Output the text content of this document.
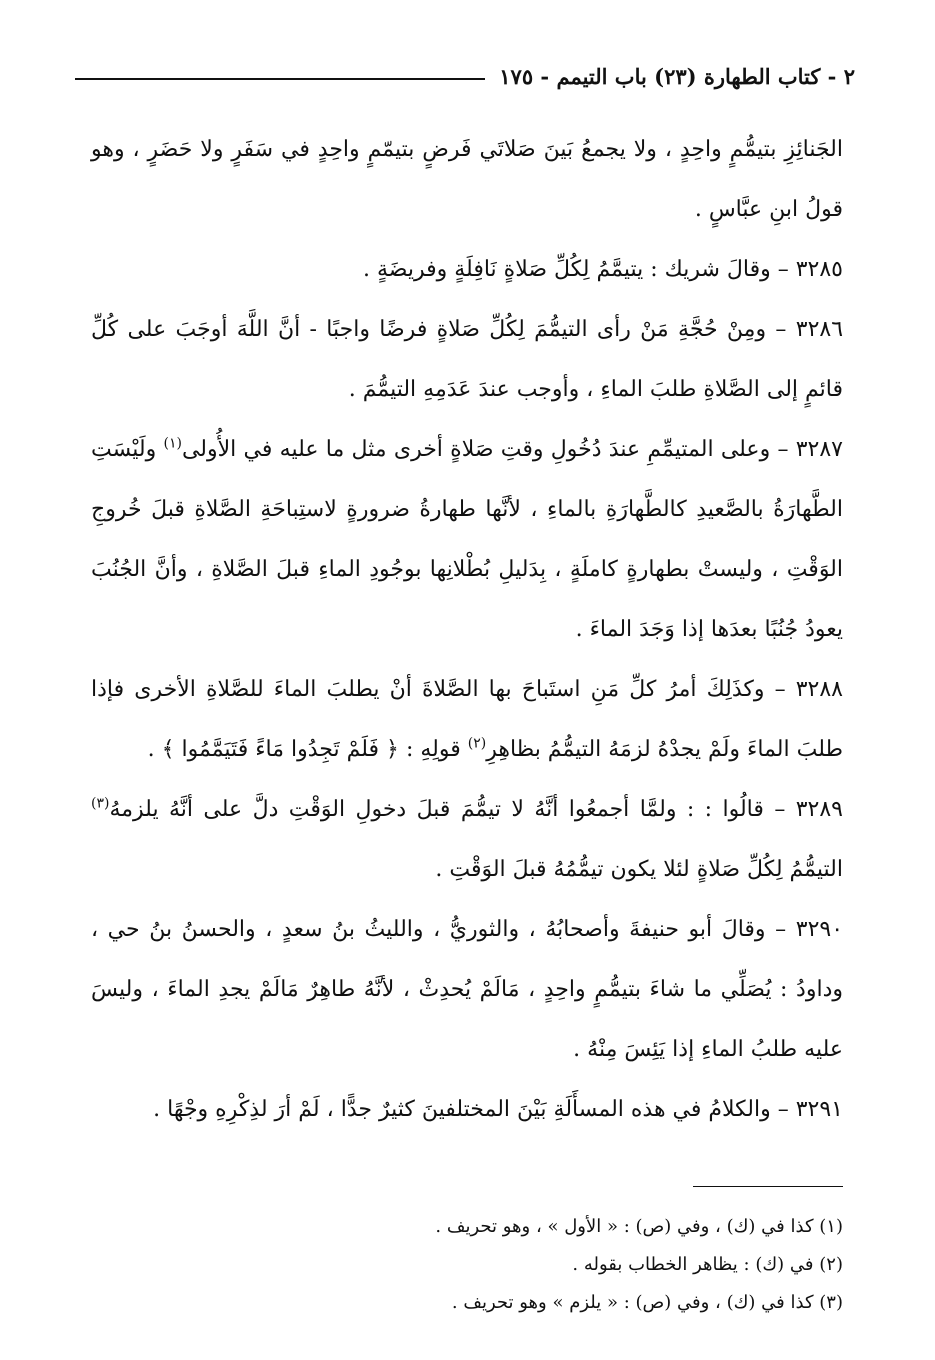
٢ - كتاب الطهارة (٢٣) باب التيمم - ١٧٥

الجَنائِزِ بتيمُّمٍ واحِدٍ ، ولا يجمعُ بَينَ صَلاتَي فَرضٍ بتيمّمٍ واحِدٍ في سَفَرٍ ولا حَضَرٍ ، وهو قولُ ابنِ عبَّاسٍ .

٣٢٨٥ – وقالَ شريك : يتيمَّمُ لِكُلِّ صَلاةٍ نَافِلَةٍ وفريضَةٍ .

٣٢٨٦ – ومِنْ حُجَّةِ مَنْ رأى التيمُّمَ لِكُلِّ صَلاةٍ فرضًا واجبًا - أنَّ اللَّهَ أوجَبَ على كُلِّ قائمٍ إلى الصَّلاةِ طلبَ الماءِ ، وأوجب عندَ عَدَمِهِ التيمُّمَ .

٣٢٨٧ – وعلى المتيمِّمِ عندَ دُخُولِ وقتِ صَلاةٍ أخرى مثل ما عليه في الأُولى$^{(١)}$ ولَيْسَتِ الطَّهارَةُ بالصَّعيدِ كالطَّهارَةِ بالماءِ ، لأنَّها طهارةُ ضرورةٍ لاستِباحَةِ الصَّلاةِ قبلَ خُروجِ الوَقْتِ ، وليستْ بطهارةٍ كاملَةٍ ، بِدَليلِ بُطْلانِها بوجُودِ الماءِ قبلَ الصَّلاةِ ، وأنَّ الجُنُبَ يعودُ جُنُبًا بعدَها إذا وَجَدَ الماءَ .

٣٢٨٨ – وكذَلِكَ أمرُ كلِّ مَنِ استَباحَ بها الصَّلاةَ أنْ يطلبَ الماءَ للصَّلاةِ الأخرى فإذا طلبَ الماءَ ولَمْ يجدْهُ لزمَهُ التيمُّمُ بظاهِرِ$^{(٢)}$ قولِهِ : ﴿ فَلَمْ تَجِدُوا مَاءً فَتَيَمَّمُوا ﴾ .

٣٢٨٩ – قالُوا : : ولمَّا أجمعُوا أنَّهُ لا تيمُّمَ قبلَ دخولِ الوَقْتِ دلَّ على أنَّهُ يلزمهُ$^{(٣)}$ التيمُّمُ لِكُلِّ صَلاةٍ لئلا يكون تيمُّمُهُ قبلَ الوَقْتِ .

٣٢٩٠ – وقالَ أبو حنيفةَ وأصحابُهُ ، والثوريُّ ، والليثُ بنُ سعدٍ ، والحسنُ بنُ حي ، وداودُ : يُصَلِّي ما شاءَ بتيمُّمٍ واحِدٍ ، مَالَمْ يُحدِثْ ، لأنَّهُ طاهِرٌ مَالَمْ يجدِ الماءَ ، وليسَ عليه طلبُ الماءِ إذا يَئِسَ مِنْهُ .

٣٢٩١ – والكلامُ في هذه المسأَلَةِ بَيْنَ المختلفينَ كثيرٌ جدًّا ، لَمْ أرَ لذِكْرِهِ وجْهًا .

(١) كذا في (ك) ، وفي (ص) : « الأول » ، وهو تحريف .

(٢) في (ك) : يظاهر الخطاب بقوله .

(٣) كذا في (ك) ، وفي (ص) : « يلزم » وهو تحريف .
